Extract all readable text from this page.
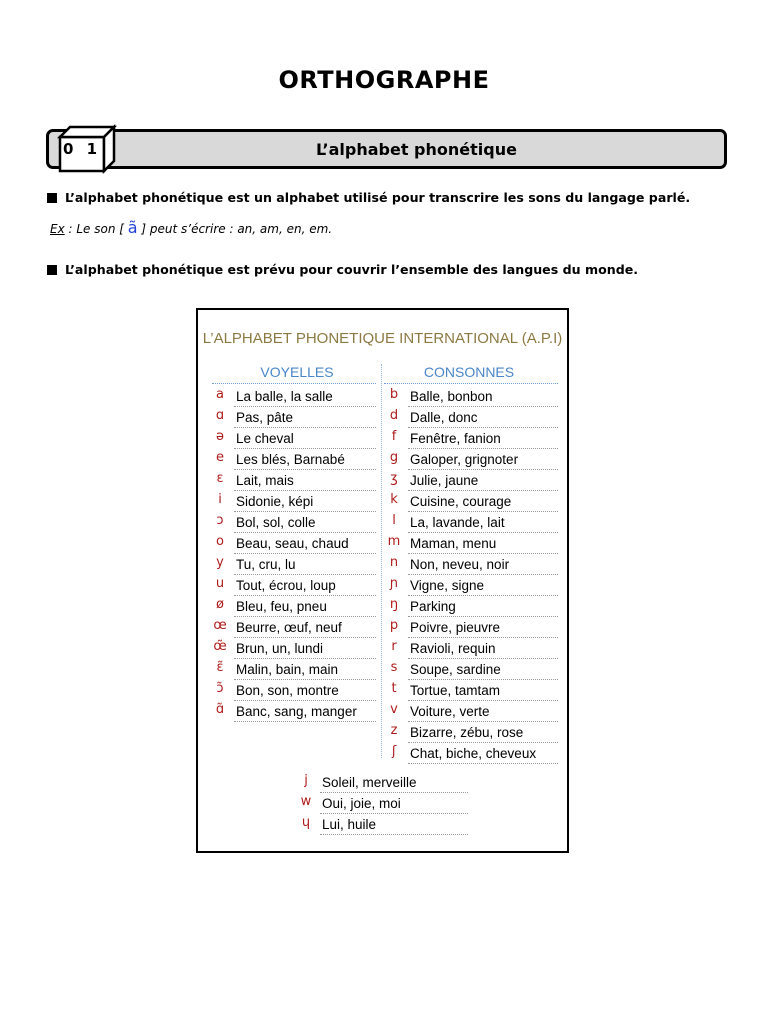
ORTHOGRAPHE
L’alphabet phonétique
0 1
L’alphabet phonétique est un alphabet utilisé pour transcrire les sons du langage parlé.
Ex : Le son [ ã ] peut s’écrire : an, am, en, em.
L’alphabet phonétique est prévu pour couvrir l’ensemble des langues du monde.
L’ALPHABET PHONETIQUE INTERNATIONAL (A.P.I)
VOYELLES	CONSONNES
a La balle, la salle
ɑ Pas, pâte
ə Le cheval
e Les blés, Barnabé
ɛ Lait, mais
i	Sidonie, képi
ɔ Bol, sol, colle
o Beau, seau, chaud
y Tu, cru, lu
u Tout, écrou, loup
ø Bleu, feu, pneu
œ Beurre, œuf, neuf
œ̃ Brun, un, lundi
ɛ̃ Malin, bain, main
ɔ̃ Bon, son, montre
ɑ̃ Banc, sang, manger
b Balle, bonbon
d Dalle, donc
f	Fenêtre, fanion
g Galoper, grignoter
ʒ Julie, jaune
k Cuisine, courage
l	La, lavande, lait
m Maman, menu
n Non, neveu, noir
ɲ Vigne, signe
ŋ Parking
p Poivre, pieuvre
r Ravioli, requin
s Soupe, sardine
t Tortue, tamtam
v Voiture, verte
z Bizarre, zébu, rose
ʃ	Chat, biche, cheveux
j	Soleil, merveille
w Oui, joie, moi
ɥ Lui, huile
